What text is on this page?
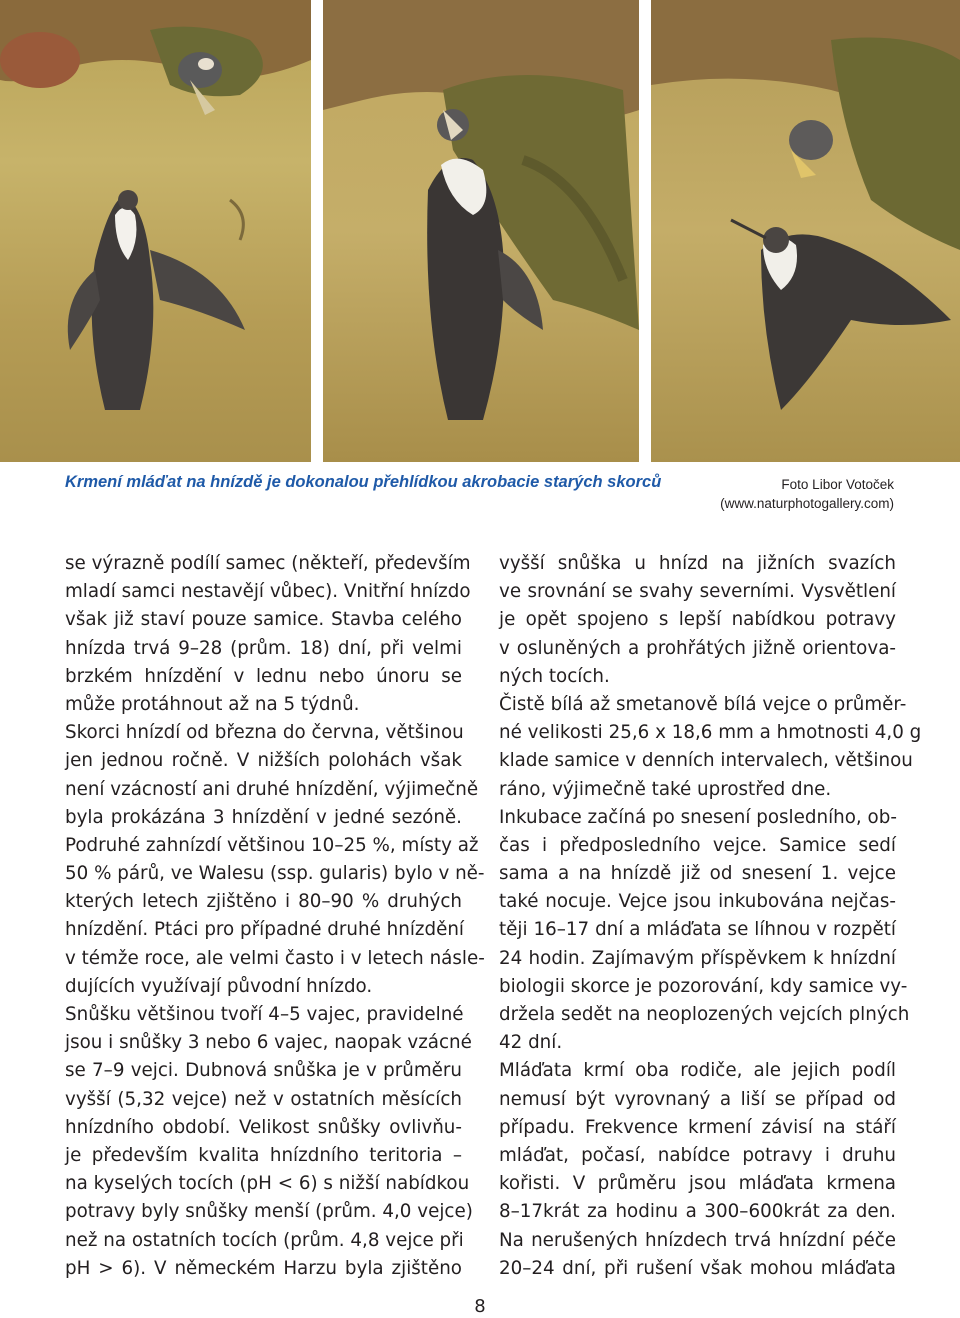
Krmení mláďat na hnízdě je dokonalou přehlídkou akrobacie starých skorců	Foto Libor Votoček
(www.naturphotogallery.com)
se výrazně podílí samec (někteří, především
mladí samci nestavějí vůbec). Vnitřní hnízdo
však již staví pouze samice. Stavba celého
hnízda trvá 9–28 (prům. 18) dní, při velmi
brzkém hnízdění v lednu nebo únoru se
může protáhnout až na 5 týdnů.
Skorci hnízdí od března do června, většinou
jen jednou ročně. V nižších polohách však
není vzácností ani druhé hnízdění, výjimečně
byla prokázána 3 hnízdění v jedné sezóně.
Podruhé zahnízdí většinou 10–25 %, místy až
50 % párů, ve Walesu (ssp. gularis) bylo v ně-
kterých letech zjištěno i 80–90 % druhých
hnízdění. Ptáci pro případné druhé hnízdění
v témže roce, ale velmi často i v letech násle-
dujících využívají původní hnízdo.
Snůšku většinou tvoří 4–5 vajec, pravidelné
jsou i snůšky 3 nebo 6 vajec, naopak vzácné
se 7–9 vejci. Dubnová snůška je v průměru
vyšší (5,32 vejce) než v ostatních měsících
hnízdního období. Velikost snůšky ovlivňu-
je především kvalita hnízdního teritoria –
na kyselých tocích (pH < 6) s nižší nabídkou
potravy byly snůšky menší (prům. 4,0 vejce)
než na ostatních tocích (prům. 4,8 vejce při
pH > 6). V německém Harzu byla zjištěno
vyšší snůška u hnízd na jižních svazích
ve srovnání se svahy severními. Vysvětlení
je opět spojeno s lepší nabídkou potravy
v osluněných a prohřátých jižně orientova-
ných tocích.
Čistě bílá až smetanově bílá vejce o průměr-
né velikosti 25,6 x 18,6 mm a hmotnosti 4,0 g
klade samice v denních intervalech, většinou
ráno, výjimečně také uprostřed dne.
Inkubace začíná po snesení posledního, ob-
čas i předposledního vejce. Samice sedí
sama a na hnízdě již od snesení 1. vejce
také nocuje. Vejce jsou inkubována nejčas-
těji 16–17 dní a mláďata se líhnou v rozpětí
24 hodin. Zajímavým příspěvkem k hnízdní
biologii skorce je pozorování, kdy samice vy-
držela sedět na neoplozených vejcích plných
42 dní.
Mláďata krmí oba rodiče, ale jejich podíl
nemusí být vyrovnaný a liší se případ od
případu. Frekvence krmení závisí na stáří
mláďat, počasí, nabídce potravy i druhu
kořisti. V průměru jsou mláďata krmena
8–17krát za hodinu a 300–600krát za den.
Na nerušených hnízdech trvá hnízdní péče
20–24 dní, při rušení však mohou mláďata
8
